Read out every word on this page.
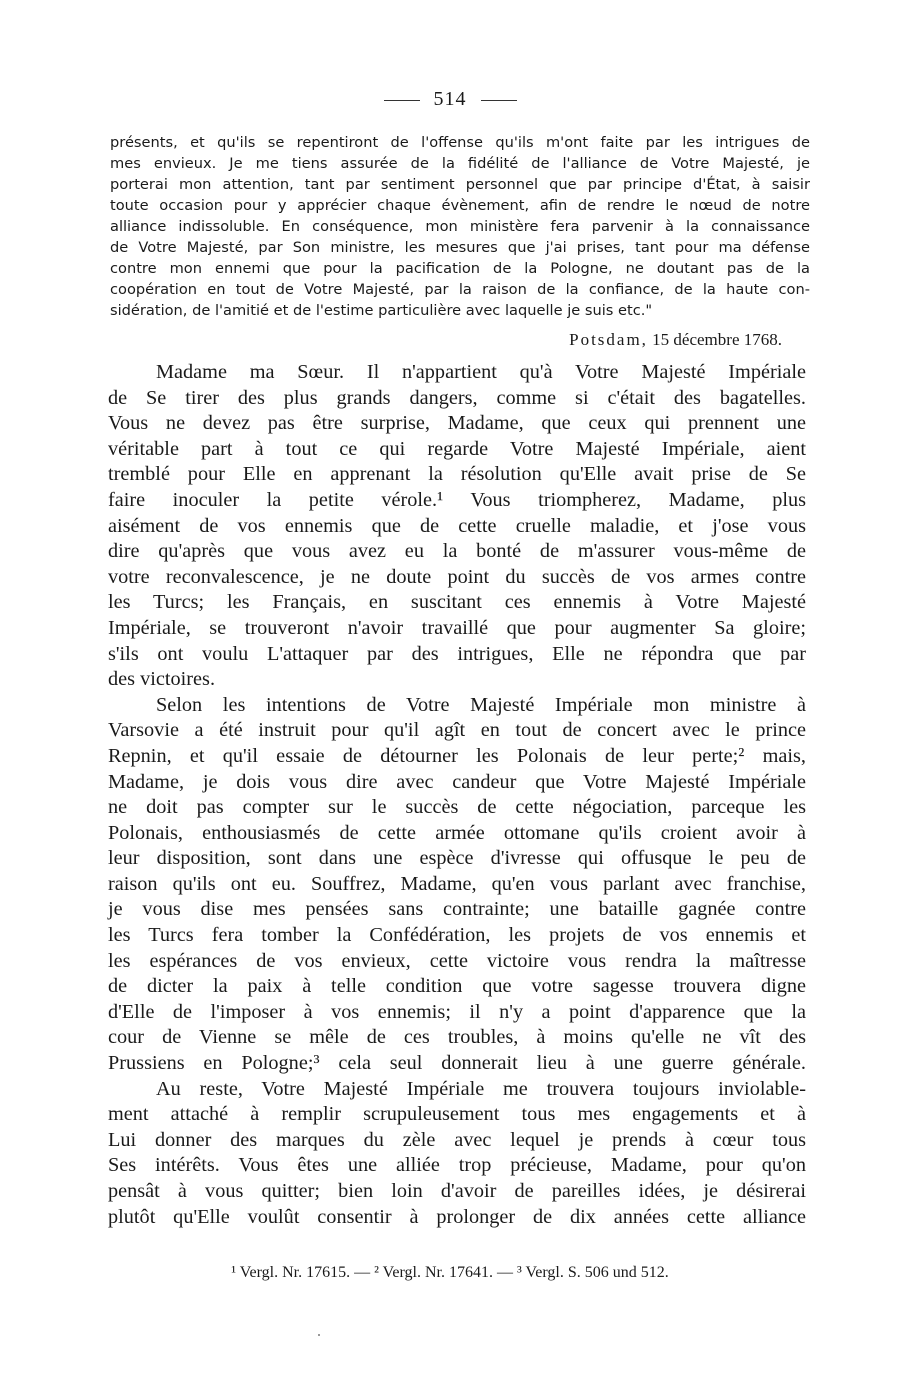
514
présents, et qu'ils se repentiront de l'offense qu'ils m'ont faite par les intrigues de
mes envieux. Je me tiens assurée de la fidélité de l'alliance de Votre Majesté, je
porterai mon attention, tant par sentiment personnel que par principe d'État, à saisir
toute occasion pour y apprécier chaque évènement, afin de rendre le nœud de notre
alliance indissoluble. En conséquence, mon ministère fera parvenir à la connaissance
de Votre Majesté, par Son ministre, les mesures que j'ai prises, tant pour ma défense
contre mon ennemi que pour la pacification de la Pologne, ne doutant pas de la
coopération en tout de Votre Majesté, par la raison de la confiance, de la haute con-
sidération, de l'amitié et de l'estime particulière avec laquelle je suis etc."
Potsdam, 15 décembre 1768.
Madame ma Sœur. Il n'appartient qu'à Votre Majesté Impériale
de Se tirer des plus grands dangers, comme si c'était des bagatelles.
Vous ne devez pas être surprise, Madame, que ceux qui prennent une
véritable part à tout ce qui regarde Votre Majesté Impériale, aient
tremblé pour Elle en apprenant la résolution qu'Elle avait prise de Se
faire inoculer la petite vérole.¹ Vous triompherez, Madame, plus
aisément de vos ennemis que de cette cruelle maladie, et j'ose vous
dire qu'après que vous avez eu la bonté de m'assurer vous-même de
votre reconvalescence, je ne doute point du succès de vos armes contre
les Turcs; les Français, en suscitant ces ennemis à Votre Majesté
Impériale, se trouveront n'avoir travaillé que pour augmenter Sa gloire;
s'ils ont voulu L'attaquer par des intrigues, Elle ne répondra que par
des victoires.
Selon les intentions de Votre Majesté Impériale mon ministre à
Varsovie a été instruit pour qu'il agît en tout de concert avec le prince
Repnin, et qu'il essaie de détourner les Polonais de leur perte;² mais,
Madame, je dois vous dire avec candeur que Votre Majesté Impériale
ne doit pas compter sur le succès de cette négociation, parceque les
Polonais, enthousiasmés de cette armée ottomane qu'ils croient avoir à
leur disposition, sont dans une espèce d'ivresse qui offusque le peu de
raison qu'ils ont eu. Souffrez, Madame, qu'en vous parlant avec franchise,
je vous dise mes pensées sans contrainte; une bataille gagnée contre
les Turcs fera tomber la Confédération, les projets de vos ennemis et
les espérances de vos envieux, cette victoire vous rendra la maîtresse
de dicter la paix à telle condition que votre sagesse trouvera digne
d'Elle de l'imposer à vos ennemis; il n'y a point d'apparence que la
cour de Vienne se mêle de ces troubles, à moins qu'elle ne vît des
Prussiens en Pologne;³ cela seul donnerait lieu à une guerre générale.
Au reste, Votre Majesté Impériale me trouvera toujours inviolable-
ment attaché à remplir scrupuleusement tous mes engagements et à
Lui donner des marques du zèle avec lequel je prends à cœur tous
Ses intérêts. Vous êtes une alliée trop précieuse, Madame, pour qu'on
pensât à vous quitter; bien loin d'avoir de pareilles idées, je désirerai
plutôt qu'Elle voulût consentir à prolonger de dix années cette alliance
¹ Vergl. Nr. 17615. — ² Vergl. Nr. 17641. — ³ Vergl. S. 506 und 512.
